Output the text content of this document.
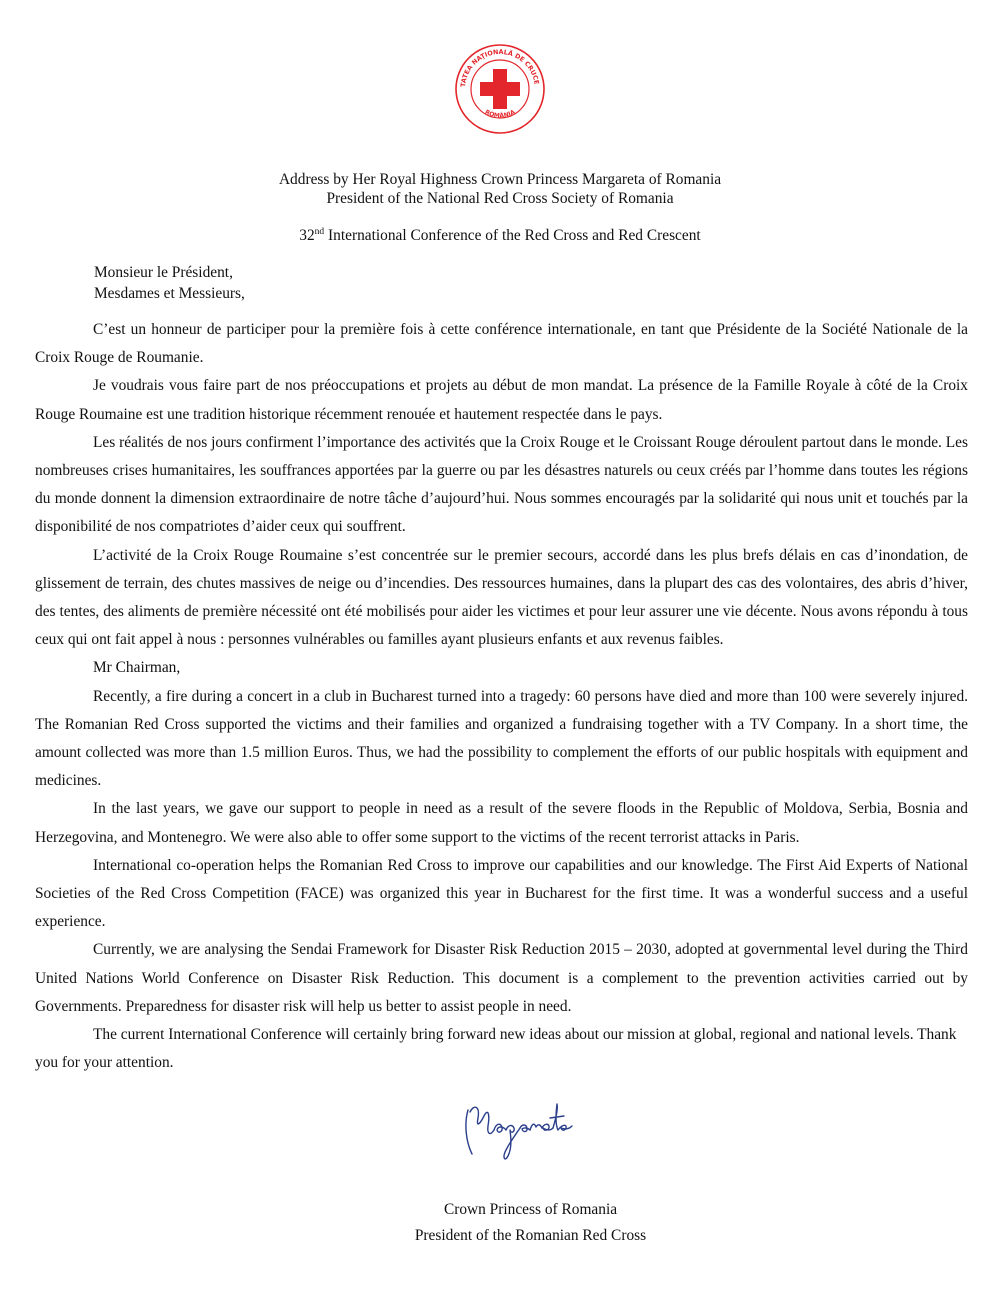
TATEA NAŢIONALĂ DE CRUCE
ROMÂNIA
Address by Her Royal Highness Crown Princess Margareta of Romania
President of the National Red Cross Society of Romania
32nd International Conference of the Red Cross and Red Crescent
Monsieur le Président,
Mesdames et Messieurs,

C’est un honneur de participer pour la première fois à cette conférence internationale, en tant que Présidente de la Société Nationale de la Croix Rouge de Roumanie.

Je voudrais vous faire part de nos préoccupations et projets au début de mon mandat. La présence de la Famille Royale à côté de la Croix Rouge Roumaine est une tradition historique récemment renouée et hautement respectée dans le pays.

Les réalités de nos jours confirment l’importance des activités que la Croix Rouge et le Croissant Rouge déroulent partout dans le monde. Les nombreuses crises humanitaires, les souffrances apportées par la guerre ou par les désastres naturels ou ceux créés par l’homme dans toutes les régions du monde donnent la dimension extraordinaire de notre tâche d’aujourd’hui. Nous sommes encouragés par la solidarité qui nous unit et touchés par la disponibilité de nos compatriotes d’aider ceux qui souffrent.

L’activité de la Croix Rouge Roumaine s’est concentrée sur le premier secours, accordé dans les plus brefs délais en cas d’inondation, de glissement de terrain, des chutes massives de neige ou d’incendies. Des ressources humaines, dans la plupart des cas des volontaires, des abris d’hiver, des tentes, des aliments de première nécessité ont été mobilisés pour aider les victimes et pour leur assurer une vie décente. Nous avons répondu à tous ceux qui ont fait appel à nous : personnes vulnérables ou familles ayant plusieurs enfants et aux revenus faibles.

Mr Chairman,

Recently, a fire during a concert in a club in Bucharest turned into a tragedy: 60 persons have died and more than 100 were severely injured. The Romanian Red Cross supported the victims and their families and organized a fundraising together with a TV Company. In a short time, the amount collected was more than 1.5 million Euros. Thus, we had the possibility to complement the efforts of our public hospitals with equipment and medicines.

In the last years, we gave our support to people in need as a result of the severe floods in the Republic of Moldova, Serbia, Bosnia and Herzegovina, and Montenegro. We were also able to offer some support to the victims of the recent terrorist attacks in Paris.

International co-operation helps the Romanian Red Cross to improve our capabilities and our knowledge. The First Aid Experts of National Societies of the Red Cross Competition (FACE) was organized this year in Bucharest for the first time. It was a wonderful success and a useful experience.

Currently, we are analysing the Sendai Framework for Disaster Risk Reduction 2015 – 2030, adopted at governmental level during the Third United Nations World Conference on Disaster Risk Reduction. This document is a complement to the prevention activities carried out by Governments. Preparedness for disaster risk will help us better to assist people in need.

The current International Conference will certainly bring forward new ideas about our mission at global, regional and national levels. Thank you for your attention.

Crown Princess of Romania
President of the Romanian Red Cross
